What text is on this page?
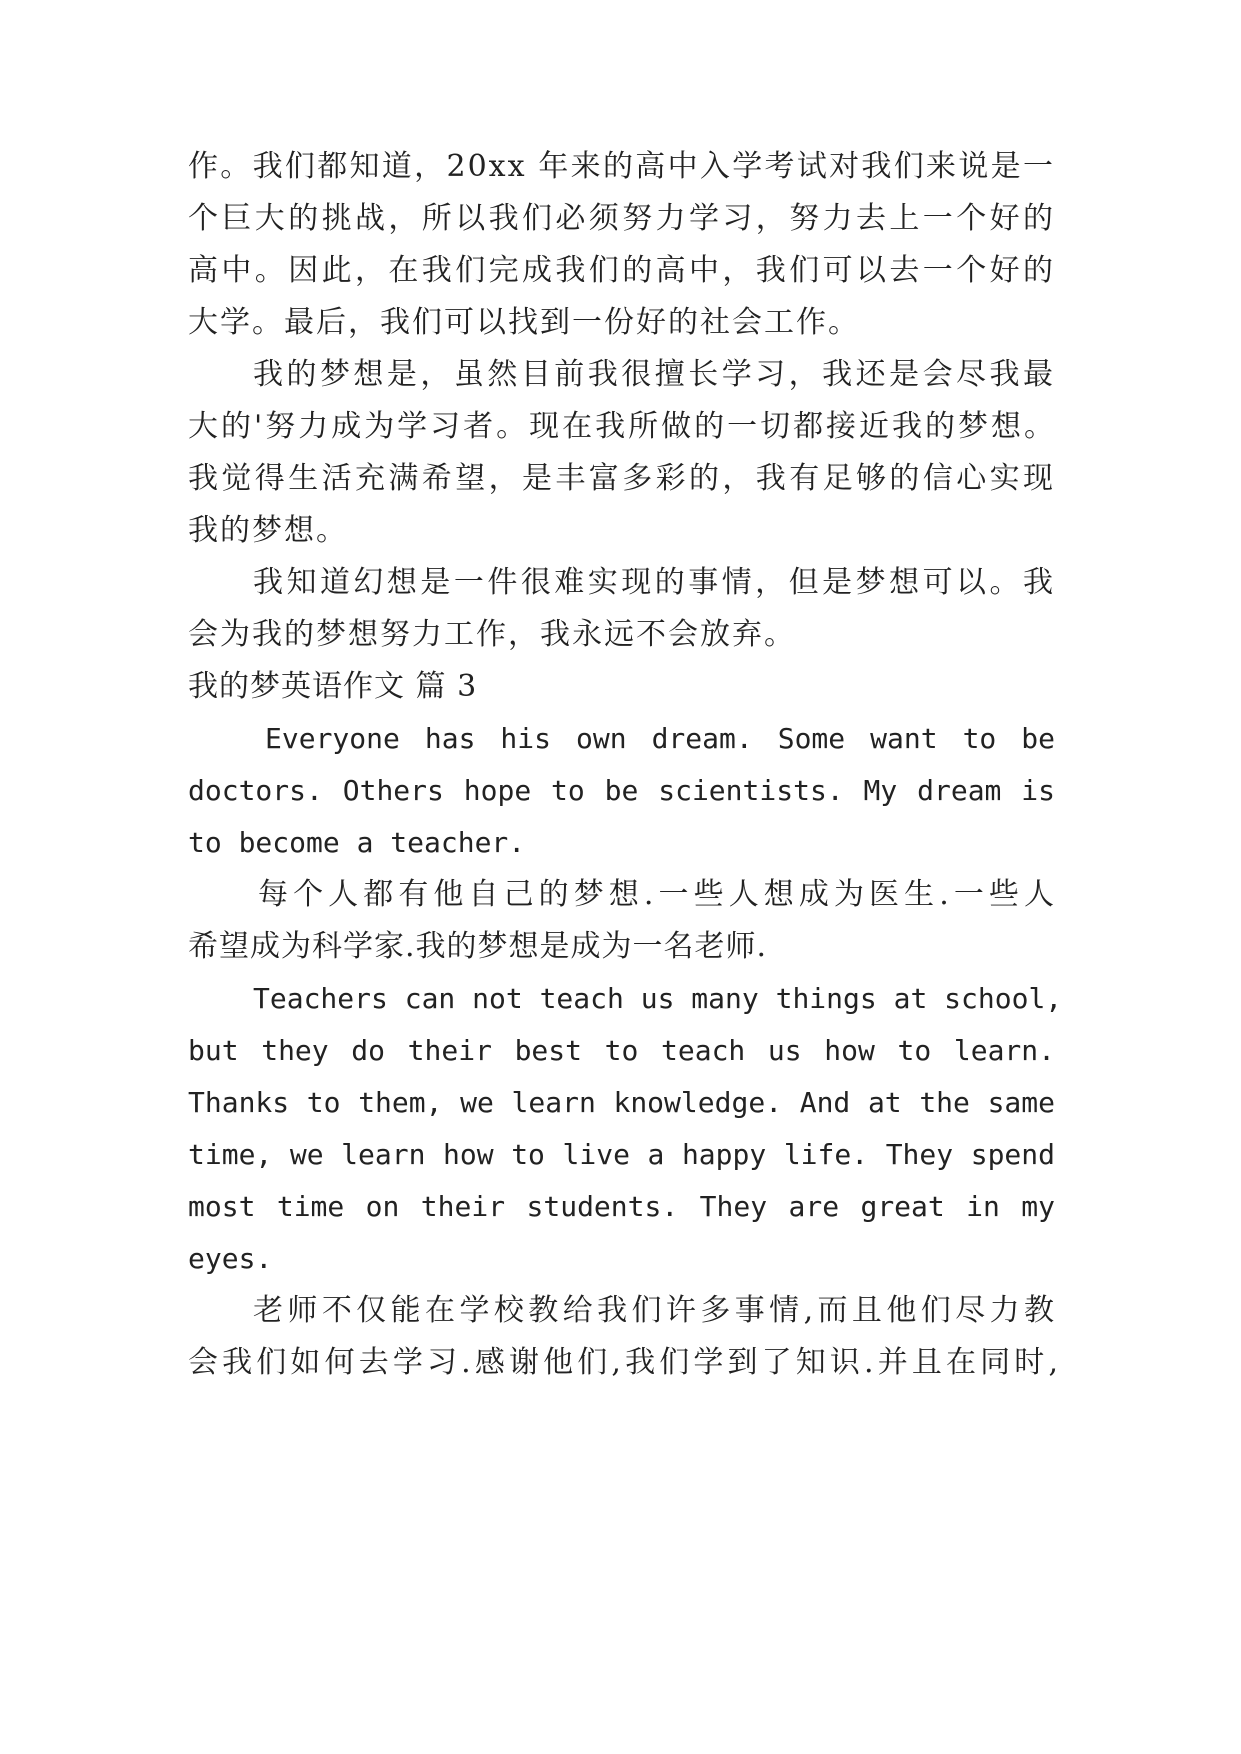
作。我们都知道，20xx 年来的高中入学考试对我们来说是一
个巨大的挑战，所以我们必须努力学习，努力去上一个好的
高中。因此，在我们完成我们的高中，我们可以去一个好的
大学。最后，我们可以找到一份好的社会工作。
我的梦想是，虽然目前我很擅长学习，我还是会尽我最
大的'努力成为学习者。现在我所做的一切都接近我的梦想。
我觉得生活充满希望，是丰富多彩的，我有足够的信心实现
我的梦想。
我知道幻想是一件很难实现的事情，但是梦想可以。我
会为我的梦想努力工作，我永远不会放弃。
我的梦英语作文 篇 3
Everyone has his own dream. Some want to be
doctors. Others hope to be scientists. My dream is
to become a teacher.
每个人都有他自己的梦想.一些人想成为医生.一些人
希望成为科学家.我的梦想是成为一名老师.
Teachers can not teach us many things at school,
but they do their best to teach us how to learn.
Thanks to them, we learn knowledge. And at the same
time, we learn how to live a happy life. They spend
most time on their students. They are great in my
eyes.
老师不仅能在学校教给我们许多事情,而且他们尽力教
会我们如何去学习.感谢他们,我们学到了知识.并且在同时,
